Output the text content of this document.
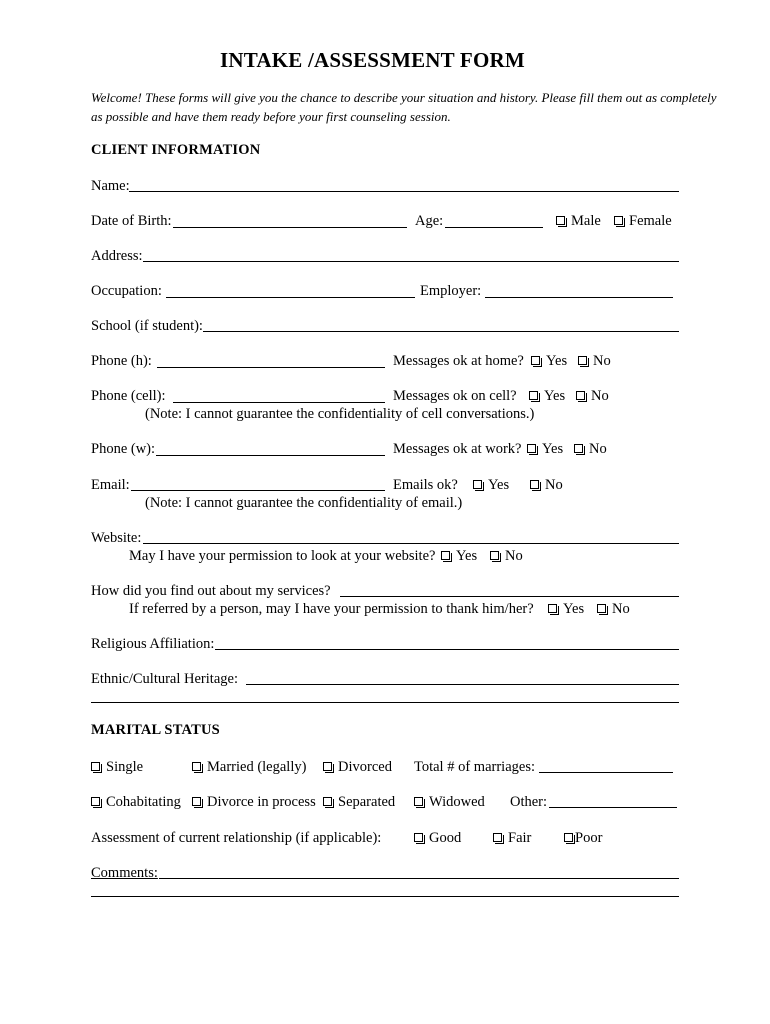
INTAKE /ASSESSMENT FORM
Welcome! These forms will give you the chance to describe your situation and history. Please fill them out as completely
as possible and have them ready before your first counseling session.
CLIENT INFORMATION
Name:
Date of Birth:	Age:	Male	Female
Address:
Occupation:	Employer:
School (if student):
Phone (h):	Messages ok at home?	Yes	No
Phone (cell):	Messages ok on cell?	Yes	No
(Note: I cannot guarantee the confidentiality of cell conversations.)
Phone (w):	Messages ok at work?	Yes	No
Email:	Emails ok?	Yes	No
(Note: I cannot guarantee the confidentiality of email.)
Website:
May I have your permission to look at your website?	Yes	No
How did you find out about my services?
If referred by a person, may I have your permission to thank him/her?	Yes	No
Religious Affiliation:
Ethnic/Cultural Heritage:
MARITAL STATUS
Single	Married (legally)	Divorced Total # of marriages:
Cohabitating	Divorce in process	Separated	Widowed Other:
Assessment of current relationship (if applicable):	Good	Fair	Poor
Comments:
